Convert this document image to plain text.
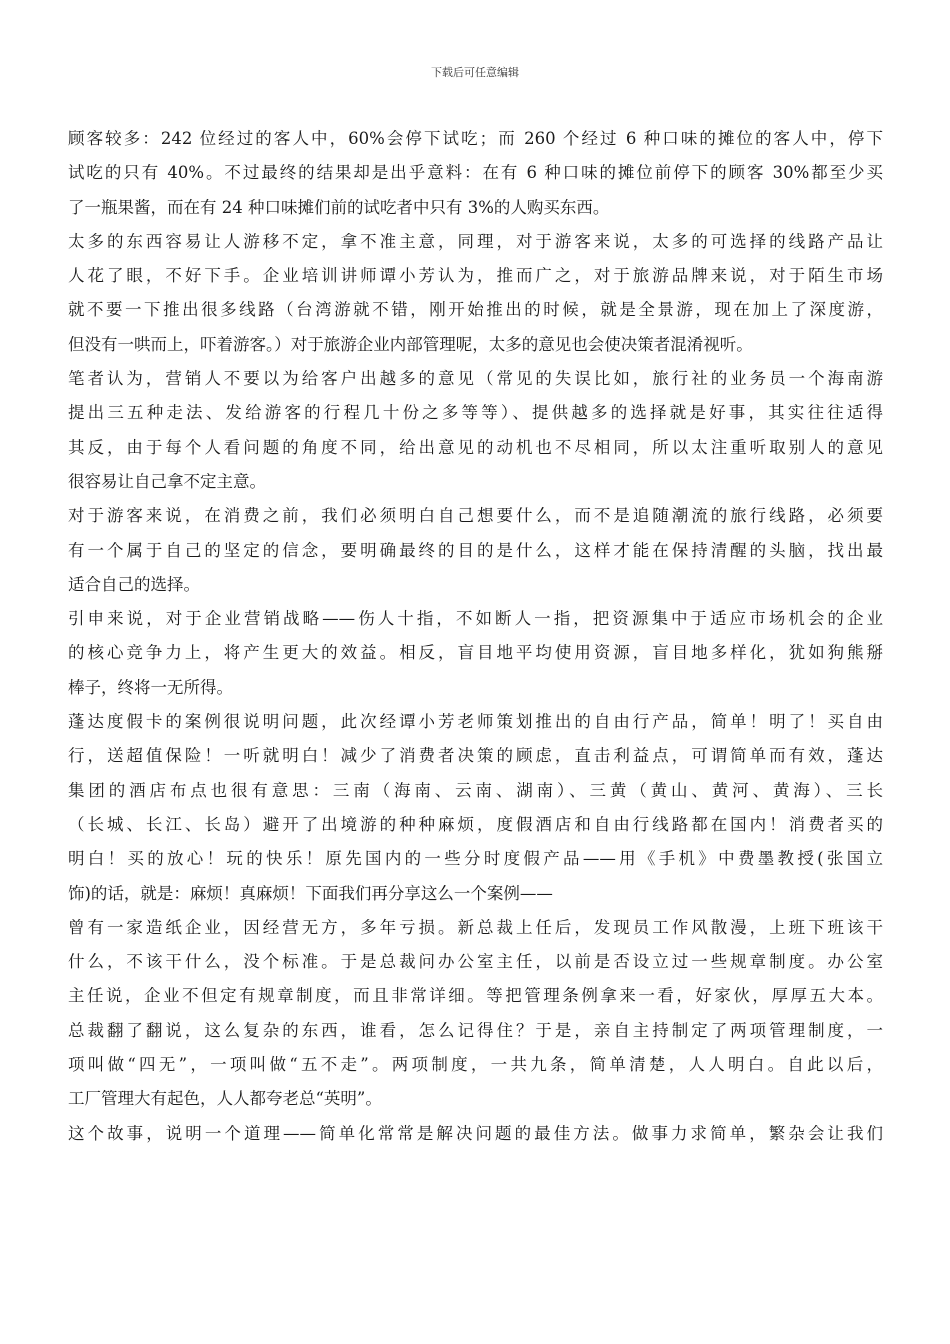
下载后可任意编辑
顾客较多：242 位经过的客人中，60%会停下试吃；而 260 个经过 6 种口味的摊位的客人中，停下
试吃的只有 40%。不过最终的结果却是出乎意料：在有 6 种口味的摊位前停下的顾客 30%都至少买
了一瓶果酱，而在有 24 种口味摊们前的试吃者中只有 3%的人购买东西。
太多的东西容易让人游移不定，拿不准主意，同理，对于游客来说，太多的可选择的线路产品让
人花了眼，不好下手。企业培训讲师谭小芳认为，推而广之，对于旅游品牌来说，对于陌生市场
就不要一下推出很多线路（台湾游就不错，刚开始推出的时候，就是全景游，现在加上了深度游，
但没有一哄而上，吓着游客。）对于旅游企业内部管理呢，太多的意见也会使决策者混淆视听。
笔者认为，营销人不要以为给客户出越多的意见（常见的失误比如，旅行社的业务员一个海南游
提出三五种走法、发给游客的行程几十份之多等等）、提供越多的选择就是好事，其实往往适得
其反，由于每个人看问题的角度不同，给出意见的动机也不尽相同，所以太注重听取别人的意见
很容易让自己拿不定主意。
对于游客来说，在消费之前，我们必须明白自己想要什么，而不是追随潮流的旅行线路，必须要
有一个属于自己的坚定的信念，要明确最终的目的是什么，这样才能在保持清醒的头脑，找出最
适合自己的选择。
引申来说，对于企业营销战略——伤人十指，不如断人一指，把资源集中于适应市场机会的企业
的核心竞争力上，将产生更大的效益。相反，盲目地平均使用资源，盲目地多样化，犹如狗熊掰
棒子，终将一无所得。
蓬达度假卡的案例很说明问题，此次经谭小芳老师策划推出的自由行产品，简单！明了！买自由
行，送超值保险！一听就明白！减少了消费者决策的顾虑，直击利益点，可谓简单而有效，蓬达
集团的酒店布点也很有意思：三南（海南、云南、湖南）、三黄（黄山、黄河、黄海）、三长
（长城、长江、长岛）避开了出境游的种种麻烦，度假酒店和自由行线路都在国内！消费者买的
明白！买的放心！玩的快乐！原先国内的一些分时度假产品——用《手机》中费墨教授(张国立
饰)的话，就是：麻烦！真麻烦！下面我们再分享这么一个案例——
曾有一家造纸企业，因经营无方，多年亏损。新总裁上任后，发现员工作风散漫，上班下班该干
什么，不该干什么，没个标准。于是总裁问办公室主任，以前是否设立过一些规章制度。办公室
主任说，企业不但定有规章制度，而且非常详细。等把管理条例拿来一看，好家伙，厚厚五大本。
总裁翻了翻说，这么复杂的东西，谁看，怎么记得住？于是，亲自主持制定了两项管理制度，一
项叫做“四无”，一项叫做“五不走”。两项制度，一共九条，简单清楚，人人明白。自此以后，
工厂管理大有起色，人人都夸老总“英明”。
这个故事，说明一个道理——简单化常常是解决问题的最佳方法。做事力求简单，繁杂会让我们
